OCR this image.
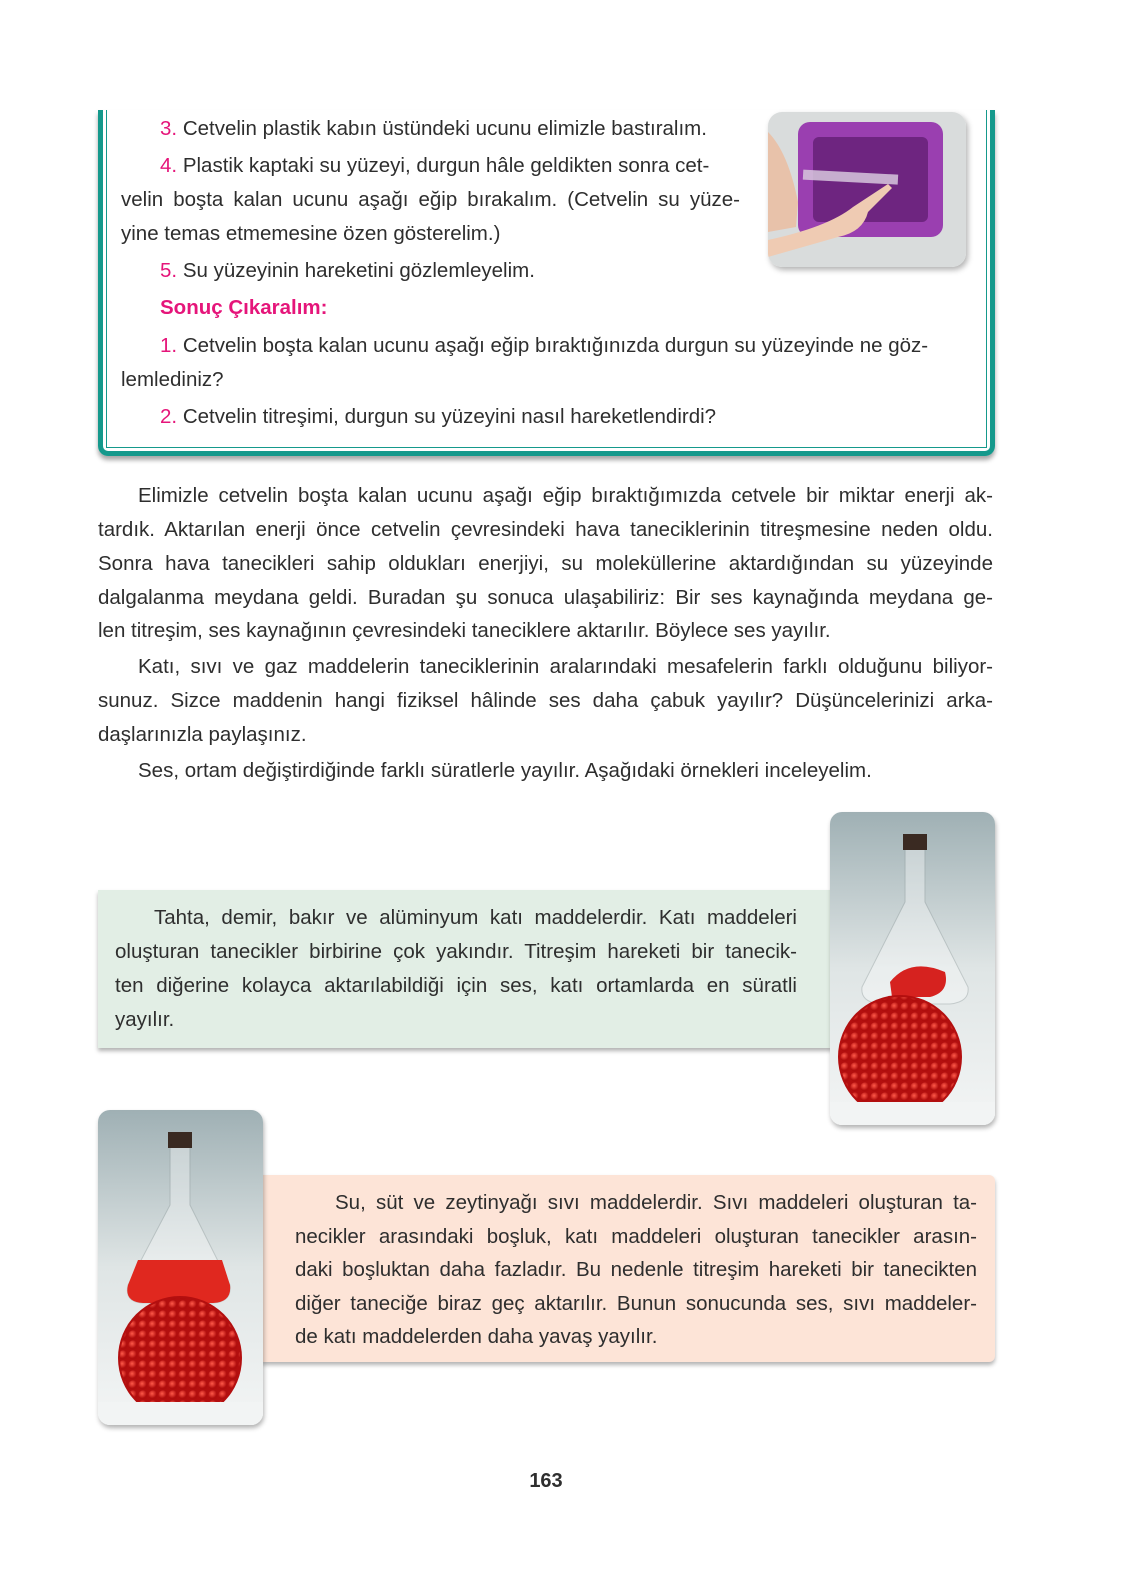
163
3. Cetvelin plastik kabın üstündeki ucunu elimizle bastıralım.
4. Plastik kaptaki su yüzeyi, durgun hâle geldikten sonra cet-
velin boşta kalan ucunu aşağı eğip bırakalım. (Cetvelin su yüze-
yine temas etmemesine özen gösterelim.)
5. Su yüzeyinin hareketini gözlemleyelim.
Sonuç Çıkaralım:
1. Cetvelin boşta kalan ucunu aşağı eğip bıraktığınızda durgun su yüzeyinde ne göz-
lemlediniz?
2. Cetvelin titreşimi, durgun su yüzeyini nasıl hareketlendirdi?
Elimizle cetvelin boşta kalan ucunu aşağı eğip bıraktığımızda cetvele bir miktar enerji ak-
tardık. Aktarılan enerji önce cetvelin çevresindeki hava taneciklerinin titreşmesine neden oldu.
Sonra hava tanecikleri sahip oldukları enerjiyi, su moleküllerine aktardığından su yüzeyinde
dalgalanma meydana geldi. Buradan şu sonuca ulaşabiliriz: Bir ses kaynağında meydana ge-
len titreşim, ses kaynağının çevresindeki taneciklere aktarılır. Böylece ses yayılır.
Katı, sıvı ve gaz maddelerin taneciklerinin aralarındaki mesafelerin farklı olduğunu biliyor-
sunuz. Sizce maddenin hangi fiziksel hâlinde ses daha çabuk yayılır? Düşüncelerinizi arka-
daşlarınızla paylaşınız.
Ses, ortam değiştirdiğinde farklı süratlerle yayılır. Aşağıdaki örnekleri inceleyelim.
Tahta, demir, bakır ve alüminyum katı maddelerdir. Katı maddeleri
oluşturan tanecikler birbirine çok yakındır. Titreşim hareketi bir tanecik-
ten diğerine kolayca aktarılabildiği için ses, katı ortamlarda en süratli
yayılır.
Su, süt ve zeytinyağı sıvı maddelerdir. Sıvı maddeleri oluşturan ta-
necikler arasındaki boşluk, katı maddeleri oluşturan tanecikler arasın-
daki boşluktan daha fazladır. Bu nedenle titreşim hareketi bir tanecikten
diğer taneciğe biraz geç aktarılır. Bunun sonucunda ses, sıvı maddeler-
de katı maddelerden daha yavaş yayılır.
